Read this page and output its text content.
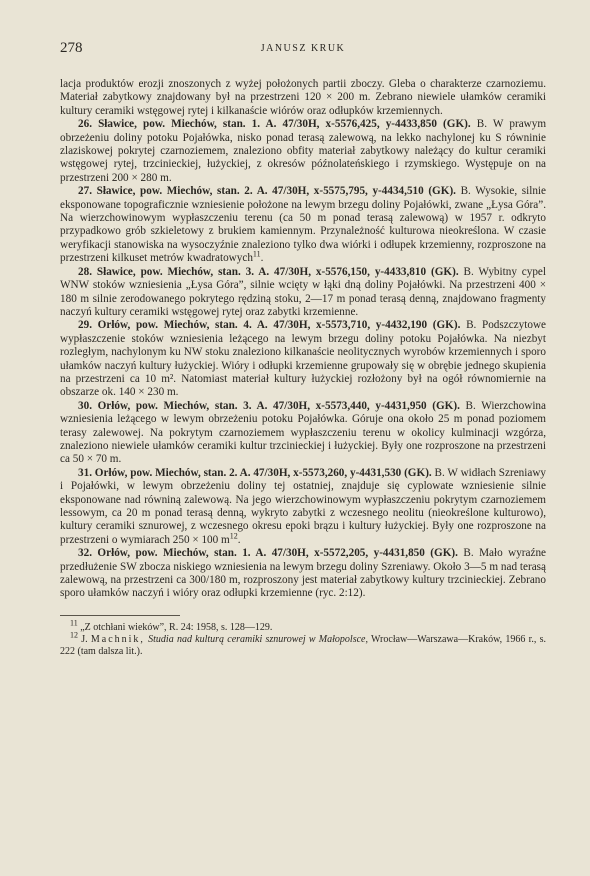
278	JANUSZ KRUK

lacja produktów erozji znoszonych z wyżej położonych partii zboczy. Gleba o charakterze czarnoziemu. Materiał zabytkowy znajdowany był na przestrzeni 120 × 200 m. Zebrano niewiele ułamków ceramiki kultury ceramiki wstęgowej rytej i kilkanaście wiórów oraz odłupków krzemiennych.

26. Sławice, pow. Miechów, stan. 1. A. 47/30H, x-5576,425, y-4433,850 (GK). B. W prawym obrzeżeniu doliny potoku Pojałówka, nisko ponad terasą zalewową, na lekko nachylonej ku S równinie zlaziskowej pokrytej czarnoziemem, znaleziono obfity materiał zabytkowy należący do kultur ceramiki wstęgowej rytej, trzcinieckiej, łużyckiej, z okresów późnolateńskiego i rzymskiego. Występuje on na przestrzeni 200 × 280 m.

27. Sławice, pow. Miechów, stan. 2. A. 47/30H, x-5575,795, y-4434,510 (GK). B. Wysokie, silnie eksponowane topograficznie wzniesienie położone na lewym brzegu doliny Pojałówki, zwane „Łysa Góra”. Na wierzchowinowym wypłaszczeniu terenu (ca 50 m ponad terasą zalewową) w 1957 r. odkryto przypadkowo grób szkieletowy z brukiem kamiennym. Przynależność kulturowa nieokreślona. W czasie weryfikacji stanowiska na wysoczyźnie znaleziono tylko dwa wiórki i odłupek krzemienny, rozproszone na przestrzeni kilkuset metrów kwadratowych$^{11}$.

28. Sławice, pow. Miechów, stan. 3. A. 47/30H, x-5576,150, y-4433,810 (GK). B. Wybitny cypel WNW stoków wzniesienia „Łysa Góra”, silnie wcięty w łąki dną doliny Pojałówki. Na przestrzeni 400 × 180 m silnie zerodowanego pokrytego rędziną stoku, 2—17 m ponad terasą denną, znajdowano fragmenty naczyń kultury ceramiki wstęgowej rytej oraz zabytki krzemienne.

29. Orłów, pow. Miechów, stan. 4. A. 47/30H, x-5573,710, y-4432,190 (GK). B. Podszczytowe wypłaszczenie stoków wzniesienia leżącego na lewym brzegu doliny potoku Pojałówka. Na niezbyt rozległym, nachylonym ku NW stoku znaleziono kilkanaście neolitycznych wyrobów krzemiennych i sporo ułamków naczyń kultury łużyckiej. Wióry i odłupki krzemienne grupowały się w obrębie jednego skupienia na przestrzeni ca 10 m². Natomiast materiał kultury łużyckiej rozłożony był na ogół równomiernie na obszarze ok. 140 × 230 m.

30. Orłów, pow. Miechów, stan. 3. A. 47/30H, x-5573,440, y-4431,950 (GK). B. Wierzchowina wzniesienia leżącego w lewym obrzeżeniu potoku Pojałówka. Góruje ona około 25 m ponad poziomem terasy zalewowej. Na pokrytym czarnoziemem wypłaszczeniu terenu w okolicy kulminacji wzgórza, znaleziono niewiele ułamków ceramiki kultur trzcinieckiej i łużyckiej. Były one rozproszone na przestrzeni ca 50 × 70 m.

31. Orłów, pow. Miechów, stan. 2. A. 47/30H, x-5573,260, y-4431,530 (GK). B. W widłach Szreniawy i Pojałówki, w lewym obrzeżeniu doliny tej ostatniej, znajduje się cyplowate wzniesienie silnie eksponowane nad równiną zalewową. Na jego wierzchowinowym wypłaszczeniu pokrytym czarnoziemem lessowym, ca 20 m ponad terasą denną, wykryto zabytki z wczesnego neolitu (nieokreślone kulturowo), kultury ceramiki sznurowej, z wczesnego okresu epoki brązu i kultury łużyckiej. Były one rozproszone na przestrzeni o wymiarach 250 × 100 m$^{12}$.

32. Orłów, pow. Miechów, stan. 1. A. 47/30H, x-5572,205, y-4431,850 (GK). B. Mało wyraźne przedłużenie SW zbocza niskiego wzniesienia na lewym brzegu doliny Szreniawy. Około 3—5 m nad terasą zalewową, na przestrzeni ca 300/180 m, rozproszony jest materiał zabytkowy kultury trzcinieckiej. Zebrano sporo ułamków naczyń i wióry oraz odłupki krzemienne (ryc. 2:12).

$^{11}$ „Z otchłani wieków”, R. 24: 1958, s. 128—129.

$^{12}$ J. Machnik, Studia nad kulturą ceramiki sznurowej w Małopolsce, Wrocław—Warszawa—Kraków, 1966 r., s. 222 (tam dalsza lit.).
